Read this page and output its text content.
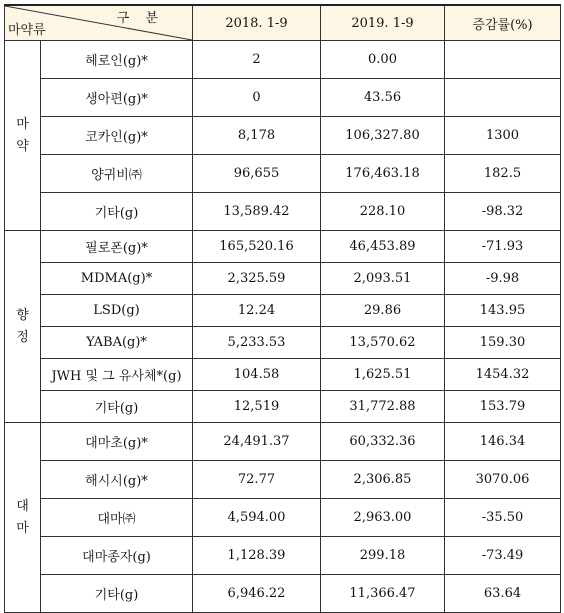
구 분
마약류		2018. 1-9	2019. 1-9	증감률(%)

마
약	헤로인(g)*	2	0.00	
	생아편(g)*	0	43.56	
	코카인(g)*	8,178	106,327.80	1300
	양귀비㈜	96,655	176,463.18	182.5
	기타(g)	13,589.42	228.10	-98.32

향
정	필로폰(g)*	165,520.16	46,453.89	-71.93
	MDMA(g)*	2,325.59	2,093.51	-9.98
	LSD(g)	12.24	29.86	143.95
	YABA(g)*	5,233.53	13,570.62	159.30
	JWH 및 그 유사체*(g)	104.58	1,625.51	1454.32
	기타(g)	12,519	31,772.88	153.79

대
마	대마초(g)*	24,491.37	60,332.36	146.34
	해시시(g)*	72.77	2,306.85	3070.06
	대마㈜	4,594.00	2,963.00	-35.50
	대마종자(g)	1,128.39	299.18	-73.49
	기타(g)	6,946.22	11,366.47	63.64
